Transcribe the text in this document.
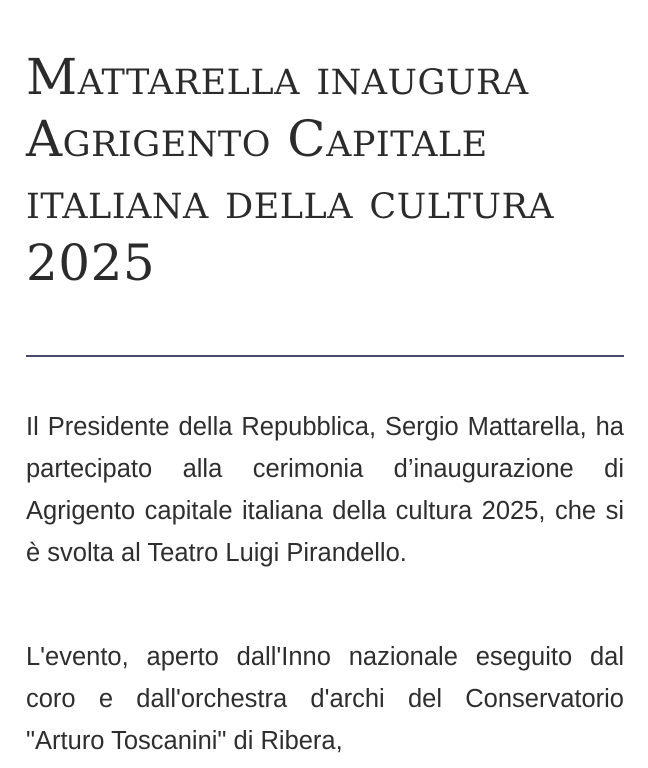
Mattarella inaugura Agrigento Capitale italiana della cultura 2025

Il Presidente della Repubblica, Sergio Mattarella, ha partecipato alla cerimonia d’inaugurazione di Agrigento capitale italiana della cultura 2025, che si è svolta al Teatro Luigi Pirandello.

L'evento, aperto dall'Inno nazionale eseguito dal coro e dall'orchestra d'archi del Conservatorio "Arturo Toscanini" di Ribera,
